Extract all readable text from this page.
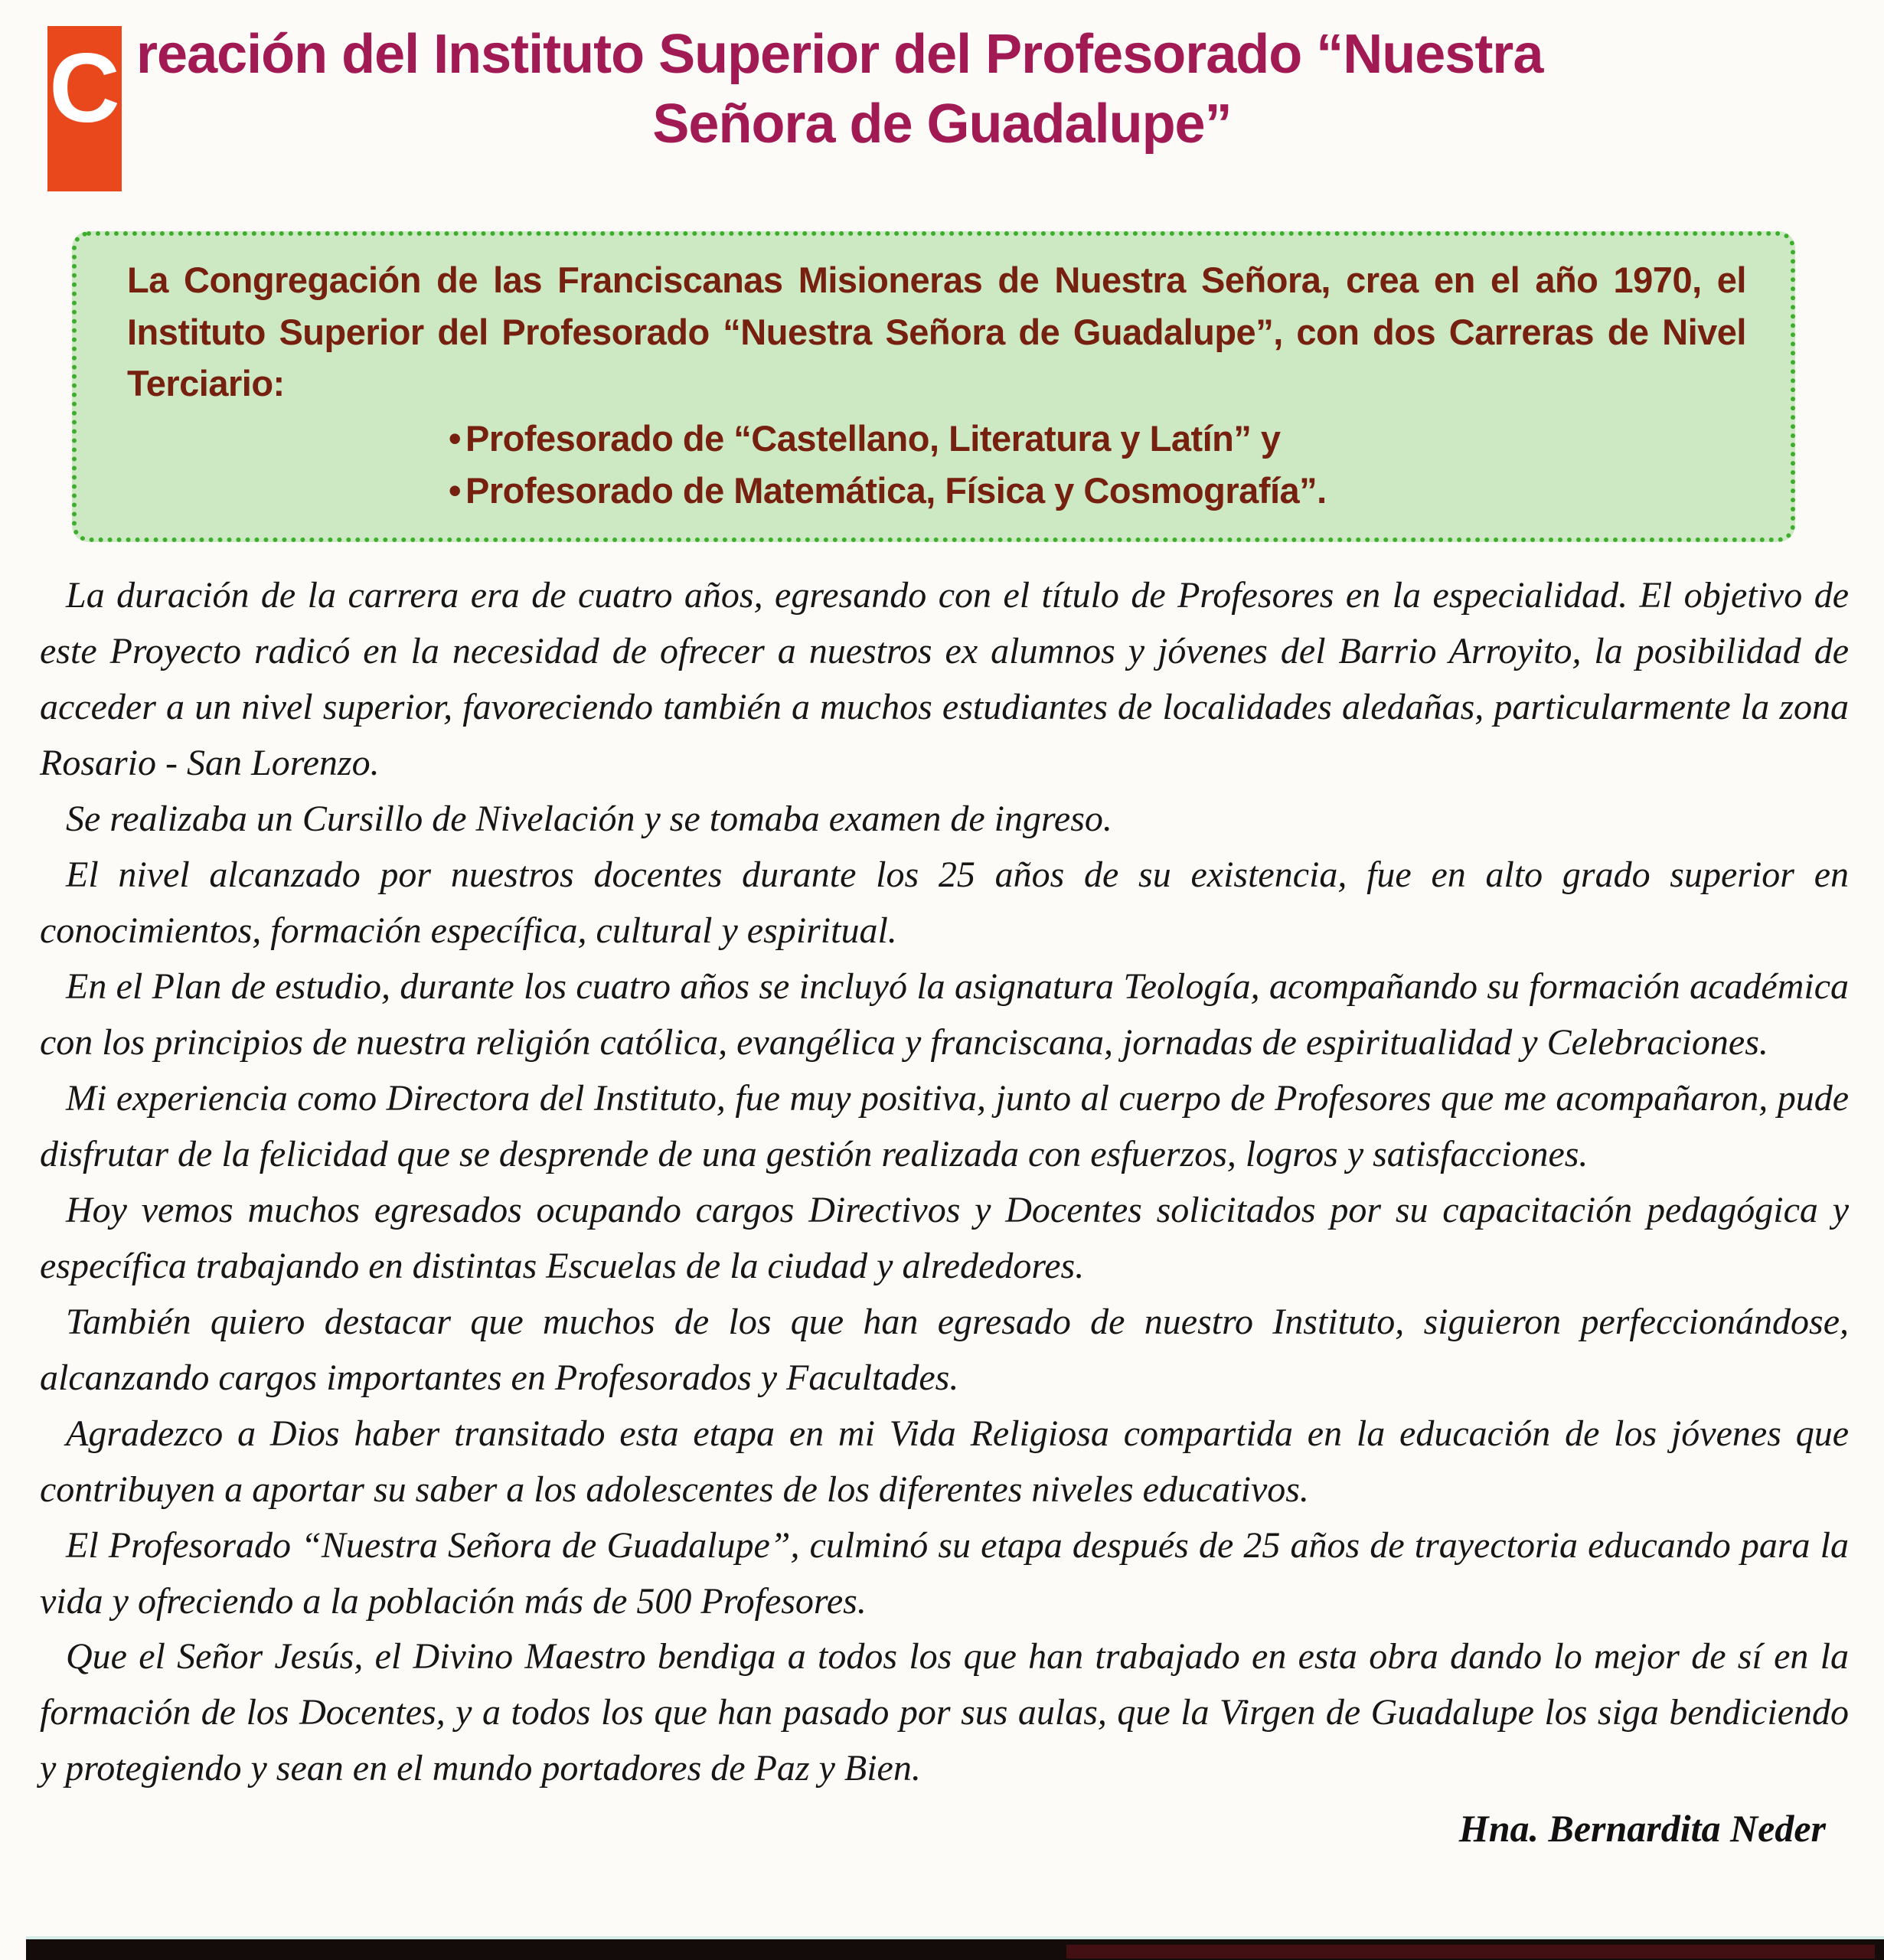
C reación del Instituto Superior del Profesorado “Nuestra
Señora de Guadalupe”
La Congregación de las Franciscanas Misioneras de Nuestra Señora, crea en el año 1970, el Instituto Superior del Profesorado “Nuestra Señora de Guadalupe”, con dos Carreras de Nivel Terciario:
• Profesorado de “Castellano, Literatura y Latín” y
• Profesorado de Matemática, Física y Cosmografía”.

La duración de la carrera era de cuatro años, egresando con el título de Profesores en la especialidad. El objetivo de este Proyecto radicó en la necesidad de ofrecer a nuestros ex alumnos y jóvenes del Barrio Arroyito, la posibilidad de acceder a un nivel superior, favoreciendo también a muchos estudiantes de localidades aledañas, particularmente la zona Rosario - San Lorenzo.

Se realizaba un Cursillo de Nivelación y se tomaba examen de ingreso.

El nivel alcanzado por nuestros docentes durante los 25 años de su existencia, fue en alto grado superior en conocimientos, formación específica, cultural y espiritual.

En el Plan de estudio, durante los cuatro años se incluyó la asignatura Teología, acompañando su formación académica con los principios de nuestra religión católica, evangélica y franciscana, jornadas de espiritualidad y Celebraciones.

Mi experiencia como Directora del Instituto, fue muy positiva, junto al cuerpo de Profesores que me acompañaron, pude disfrutar de la felicidad que se desprende de una gestión realizada con esfuerzos, logros y satisfacciones.

Hoy vemos muchos egresados ocupando cargos Directivos y Docentes solicitados por su capacitación pedagógica y específica trabajando en distintas Escuelas de la ciudad y alrededores.

También quiero destacar que muchos de los que han egresado de nuestro Instituto, siguieron perfeccionándose, alcanzando cargos importantes en Profesorados y Facultades.

Agradezco a Dios haber transitado esta etapa en mi Vida Religiosa compartida en la educación de los jóvenes que contribuyen a aportar su saber a los adolescentes de los diferentes niveles educativos.

El Profesorado “Nuestra Señora de Guadalupe”, culminó su etapa después de 25 años de trayectoria educando para la vida y ofreciendo a la población más de 500 Profesores.

Que el Señor Jesús, el Divino Maestro bendiga a todos los que han trabajado en esta obra dando lo mejor de sí en la formación de los Docentes, y a todos los que han pasado por sus aulas, que la Virgen de Guadalupe los siga bendiciendo y protegiendo y sean en el mundo portadores de Paz y Bien.

Hna. Bernardita Neder
